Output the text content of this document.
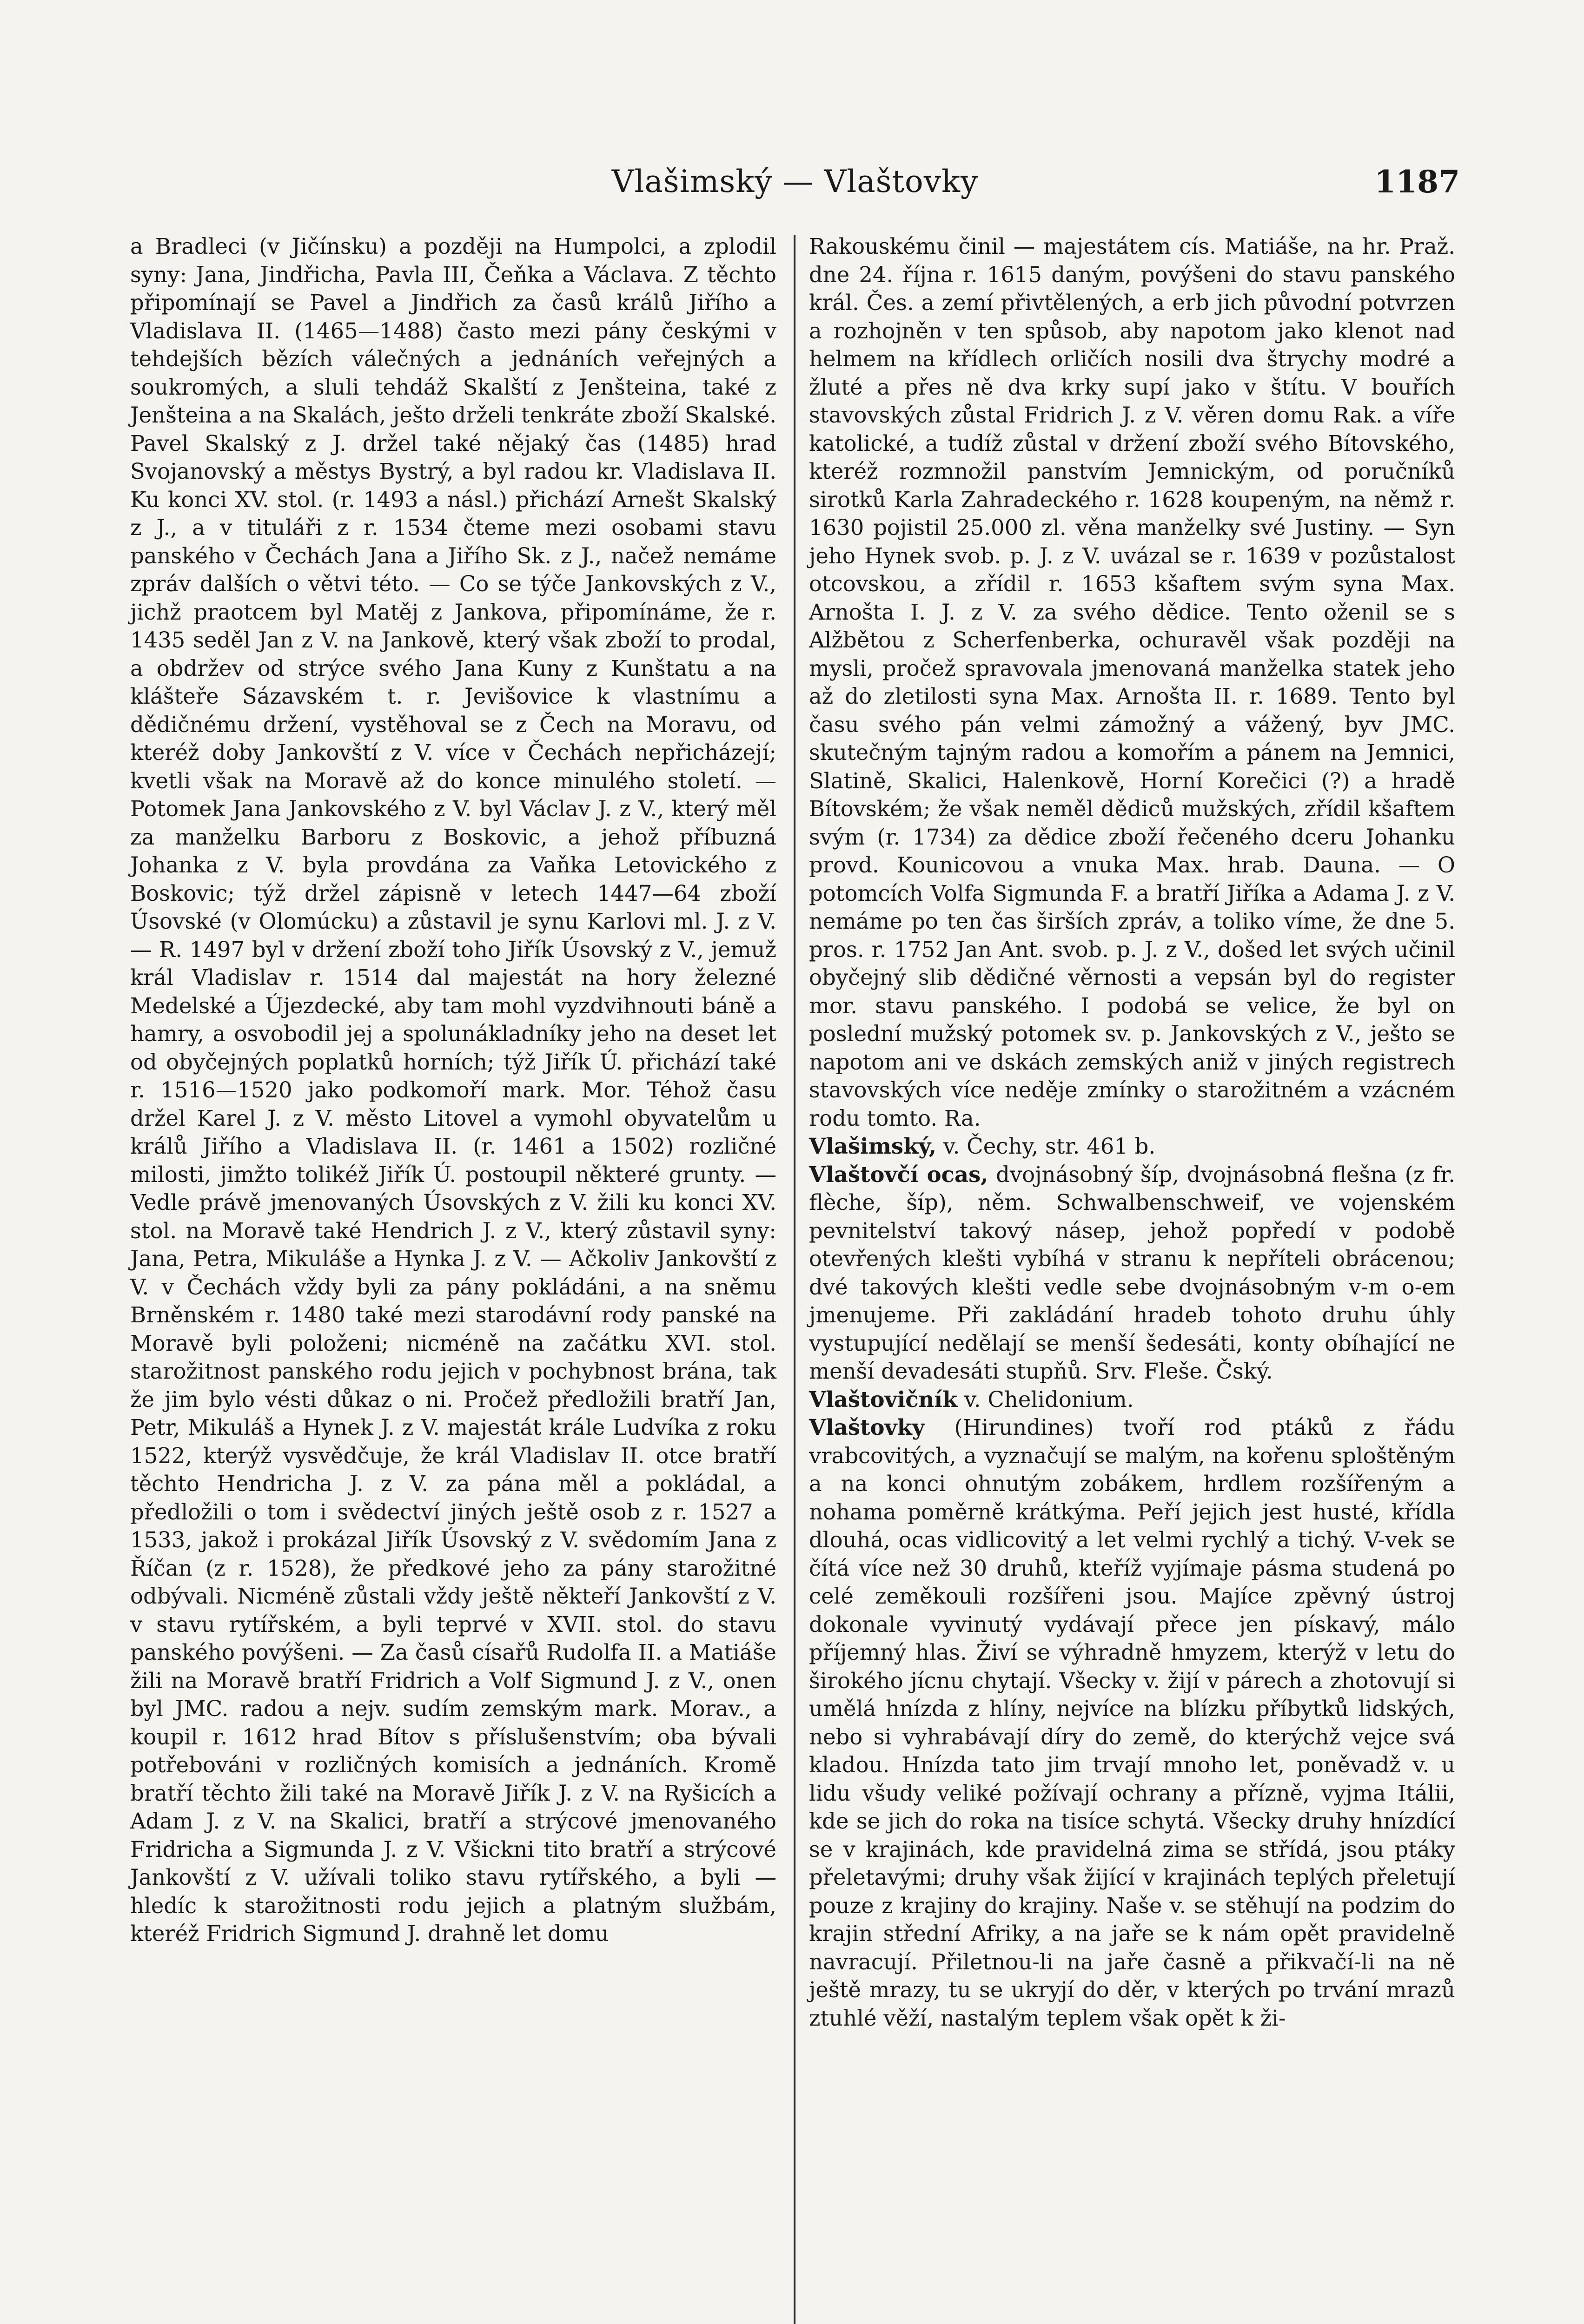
Vlašimský — Vlaštovky	1187

a Bradleci (v Jičínsku) a později na Humpolci, a zplodil syny: Jana, Jindřicha, Pavla III, Čeňka a Václava. Z těchto připomínají se Pavel a Jindřich za časů králů Jiřího a Vladislava II. (1465—1488) často mezi pány českými v tehdejších bězích válečných a jednáních veřejných a soukromých, a sluli tehdáž Skalští z Jenšteina, také z Jenšteina a na Skalách, ješto drželi tenkráte zboží Skalské. Pavel Skalský z J. držel také nějaký čas (1485) hrad Svojanovský a městys Bystrý, a byl radou kr. Vladislava II. Ku konci XV. stol. (r. 1493 a násl.) přichází Arnešt Skalský z J., a v tituláři z r. 1534 čteme mezi osobami stavu panského v Čechách Jana a Jiřího Sk. z J., načež nemáme zpráv dalších o větvi této. — Co se týče Jankovských z V., jichž praotcem byl Matěj z Jankova, připomínáme, že r. 1435 seděl Jan z V. na Jankově, který však zboží to prodal, a obdržev od strýce svého Jana Kuny z Kunštatu a na klášteře Sázavském t. r. Jevišovice k vlastnímu a dědičnému držení, vystěhoval se z Čech na Moravu, od kteréž doby Jankovští z V. více v Čechách nepřicházejí; kvetli však na Moravě až do konce minulého století. — Potomek Jana Jankovského z V. byl Václav J. z V., který měl za manželku Barboru z Boskovic, a jehož příbuzná Johanka z V. byla provdána za Vaňka Letovického z Boskovic; týž držel zápisně v letech 1447—64 zboží Úsovské (v Olomúcku) a zůstavil je synu Karlovi ml. J. z V. — R. 1497 byl v držení zboží toho Jiřík Úsovský z V., jemuž král Vladislav r. 1514 dal majestát na hory železné Medelské a Újezdecké, aby tam mohl vyzdvihnouti báně a hamry, a osvobodil jej a spolunákladníky jeho na deset let od obyčejných poplatků horních; týž Jiřík Ú. přichází také r. 1516—1520 jako podkomoří mark. Mor. Téhož času držel Karel J. z V. město Litovel a vymohl obyvatelům u králů Jiřího a Vladislava II. (r. 1461 a 1502) rozličné milosti, jimžto tolikéž Jiřík Ú. postoupil některé grunty. — Vedle právě jmenovaných Úsovských z V. žili ku konci XV. stol. na Moravě také Hendrich J. z V., který zůstavil syny: Jana, Petra, Mikuláše a Hynka J. z V. — Ačkoliv Jankovští z V. v Čechách vždy byli za pány pokládáni, a na sněmu Brněnském r. 1480 také mezi starodávní rody panské na Moravě byli položeni; nicméně na začátku XVI. stol. starožitnost panského rodu jejich v pochybnost brána, tak že jim bylo vésti důkaz o ni. Pročež předložili bratří Jan, Petr, Mikuláš a Hynek J. z V. majestát krále Ludvíka z roku 1522, kterýž vysvědčuje, že král Vladislav II. otce bratří těchto Hendricha J. z V. za pána měl a pokládal, a předložili o tom i svědectví jiných ještě osob z r. 1527 a 1533, jakož i prokázal Jiřík Úsovský z V. svědomím Jana z Říčan (z r. 1528), že předkové jeho za pány starožitné odbývali. Nicméně zůstali vždy ještě někteří Jankovští z V. v stavu rytířském, a byli teprvé v XVII. stol. do stavu panského povýšeni. — Za časů císařů Rudolfa II. a Matiáše žili na Moravě bratří Fridrich a Volf Sigmund J. z V., onen byl JMC. radou a nejv. sudím zemským mark. Morav., a koupil r. 1612 hrad Bítov s příslušenstvím; oba bývali potřebováni v rozličných komisích a jednáních. Kromě bratří těchto žili také na Moravě Jiřík J. z V. na Ryšicích a Adam J. z V. na Skalici, bratří a strýcové jmenovaného Fridricha a Sigmunda J. z V. Všickni tito bratří a strýcové Jankovští z V. užívali toliko stavu rytířského, a byli — hledíc k starožitnosti rodu jejich a platným službám, kteréž Fridrich Sigmund J. drahně let domu

Rakouskému činil — majestátem cís. Matiáše, na hr. Praž. dne 24. října r. 1615 daným, povýšeni do stavu panského král. Čes. a zemí přivtělených, a erb jich původní potvrzen a rozhojněn v ten spůsob, aby napotom jako klenot nad helmem na křídlech orličích nosili dva štrychy modré a žluté a přes ně dva krky supí jako v štítu. V bouřích stavovských zůstal Fridrich J. z V. věren domu Rak. a víře katolické, a tudíž zůstal v držení zboží svého Bítovského, kteréž rozmnožil panstvím Jemnickým, od poručníků sirotků Karla Zahradeckého r. 1628 koupeným, na němž r. 1630 pojistil 25.000 zl. věna manželky své Justiny. — Syn jeho Hynek svob. p. J. z V. uvázal se r. 1639 v pozůstalost otcovskou, a zřídil r. 1653 kšaftem svým syna Max. Arnošta I. J. z V. za svého dědice. Tento oženil se s Alžbětou z Scherfenberka, ochuravěl však později na mysli, pročež spravovala jmenovaná manželka statek jeho až do zletilosti syna Max. Arnošta II. r. 1689. Tento byl času svého pán velmi zámožný a vážený, byv JMC. skutečným tajným radou a komořím a pánem na Jemnici, Slatině, Skalici, Halenkově, Horní Korečici (?) a hradě Bítovském; že však neměl dědiců mužských, zřídil kšaftem svým (r. 1734) za dědice zboží řečeného dceru Johanku provd. Kounicovou a vnuka Max. hrab. Dauna. — O potomcích Volfa Sigmunda F. a bratří Jiříka a Adama J. z V. nemáme po ten čas širších zpráv, a toliko víme, že dne 5. pros. r. 1752 Jan Ant. svob. p. J. z V., došed let svých učinil obyčejný slib dědičné věrnosti a vepsán byl do register mor. stavu panského. I podobá se velice, že byl on poslední mužský potomek sv. p. Jankovských z V., ješto se napotom ani ve dskách zemských aniž v jiných registrech stavovských více neděje zmínky o starožitném a vzácném rodu tomto. Ra.

Vlašimský, v. Čechy, str. 461 b.

Vlaštovčí ocas, dvojnásobný šíp, dvojnásobná flešna (z fr. flèche, šíp), něm. Schwalbenschweif, ve vojenském pevnitelství takový násep, jehož popředí v podobě otevřených klešti vybíhá v stranu k nepříteli obrácenou; dvé takových klešti vedle sebe dvojnásobným v-m o-em jmenujeme. Při zakládání hradeb tohoto druhu úhly vystupující nedělají se menší šedesáti, konty obíhající ne menší devadesáti stupňů. Srv. Fleše. Čský.

Vlaštovičník v. Chelidonium.

Vlaštovky (Hirundines) tvoří rod ptáků z řádu vrabcovitých, a vyznačují se malým, na kořenu sploštěným a na konci ohnutým zobákem, hrdlem rozšířeným a nohama poměrně krátkýma. Peří jejich jest husté, křídla dlouhá, ocas vidlicovitý a let velmi rychlý a tichý. V-vek se čítá více než 30 druhů, kteříž vyjímaje pásma studená po celé zeměkouli rozšířeni jsou. Majíce zpěvný ústroj dokonale vyvinutý vydávají přece jen pískavý, málo příjemný hlas. Živí se výhradně hmyzem, kterýž v letu do širokého jícnu chytají. Všecky v. žijí v párech a zhotovují si umělá hnízda z hlíny, nejvíce na blízku příbytků lidských, nebo si vyhrabávají díry do země, do kterýchž vejce svá kladou. Hnízda tato jim trvají mnoho let, poněvadž v. u lidu všudy veliké požívají ochrany a přízně, vyjma Itálii, kde se jich do roka na tisíce schytá. Všecky druhy hnízdící se v krajinách, kde pravidelná zima se střídá, jsou ptáky přeletavými; druhy však žijící v krajinách teplých přeletují pouze z krajiny do krajiny. Naše v. se stěhují na podzim do krajin střední Afriky, a na jaře se k nám opět pravidelně navracují. Přiletnou-li na jaře časně a přikvačí-li na ně ještě mrazy, tu se ukryjí do děr, v kterých po trvání mrazů ztuhlé věží, nastalým teplem však opět k ži-
